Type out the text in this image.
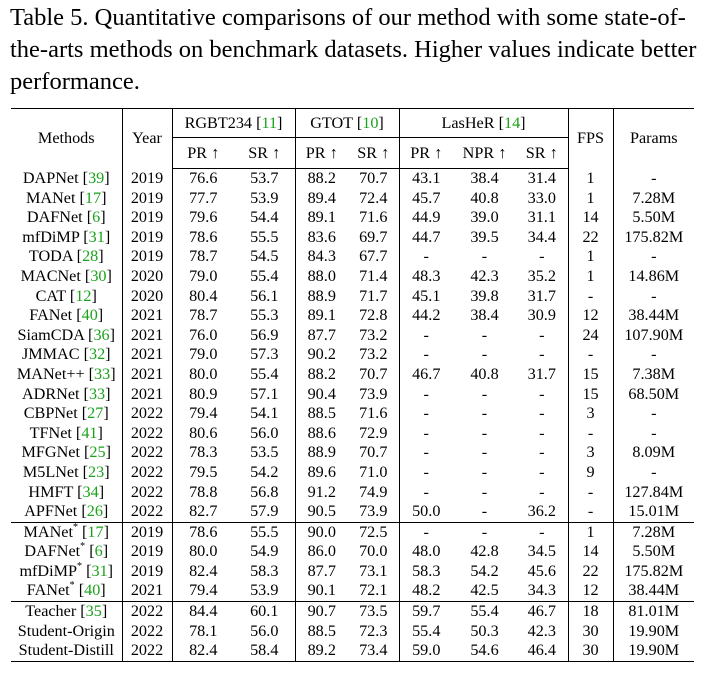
Table 5. Quantitative comparisons of our method with some state-of-the-arts methods on benchmark datasets. Higher values indicate better performance.

Methods	Year	RGBT234 [11]		GTOT [10]		LasHeR [14]			FPS	Params
		PR ↑	SR ↑	PR ↑	SR ↑	PR ↑	NPR ↑	SR ↑		
DAPNet [39]	2019	76.6	53.7	88.2	70.7	43.1	38.4	31.4	1	-
MANet [17]	2019	77.7	53.9	89.4	72.4	45.7	40.8	33.0	1	7.28M
DAFNet [6]	2019	79.6	54.4	89.1	71.6	44.9	39.0	31.1	14	5.50M
mfDiMP [31]	2019	78.6	55.5	83.6	69.7	44.7	39.5	34.4	22	175.82M
TODA [28]	2019	78.7	54.5	84.3	67.7	-	-	-	1	-
MACNet [30]	2020	79.0	55.4	88.0	71.4	48.3	42.3	35.2	1	14.86M
CAT [12]	2020	80.4	56.1	88.9	71.7	45.1	39.8	31.7	-	-
FANet [40]	2021	78.7	55.3	89.1	72.8	44.2	38.4	30.9	12	38.44M
SiamCDA [36]	2021	76.0	56.9	87.7	73.2	-	-	-	24	107.90M
JMMAC [32]	2021	79.0	57.3	90.2	73.2	-	-	-	-	-
MANet++ [33]	2021	80.0	55.4	88.2	70.7	46.7	40.8	31.7	15	7.38M
ADRNet [33]	2021	80.9	57.1	90.4	73.9	-	-	-	15	68.50M
CBPNet [27]	2022	79.4	54.1	88.5	71.6	-	-	-	3	-
TFNet [41]	2022	80.6	56.0	88.6	72.9	-	-	-	-	-
MFGNet [25]	2022	78.3	53.5	88.9	70.7	-	-	-	3	8.09M
M5LNet [23]	2022	79.5	54.2	89.6	71.0	-	-	-	9	-
HMFT [34]	2022	78.8	56.8	91.2	74.9	-	-	-	-	127.84M
APFNet [26]	2022	82.7	57.9	90.5	73.9	50.0	-	36.2	-	15.01M
MANet* [17]	2019	78.6	55.5	90.0	72.5	-	-	-	1	7.28M
DAFNet* [6]	2019	80.0	54.9	86.0	70.0	48.0	42.8	34.5	14	5.50M
mfDiMP* [31]	2019	82.4	58.3	87.7	73.1	58.3	54.2	45.6	22	175.82M
FANet* [40]	2021	79.4	53.9	90.1	72.1	48.2	42.5	34.3	12	38.44M
Teacher [35]	2022	84.4	60.1	90.7	73.5	59.7	55.4	46.7	18	81.01M
Student-Origin	2022	78.1	56.0	88.5	72.3	55.4	50.3	42.3	30	19.90M
Student-Distill	2022	82.4	58.4	89.2	73.4	59.0	54.6	46.4	30	19.90M
